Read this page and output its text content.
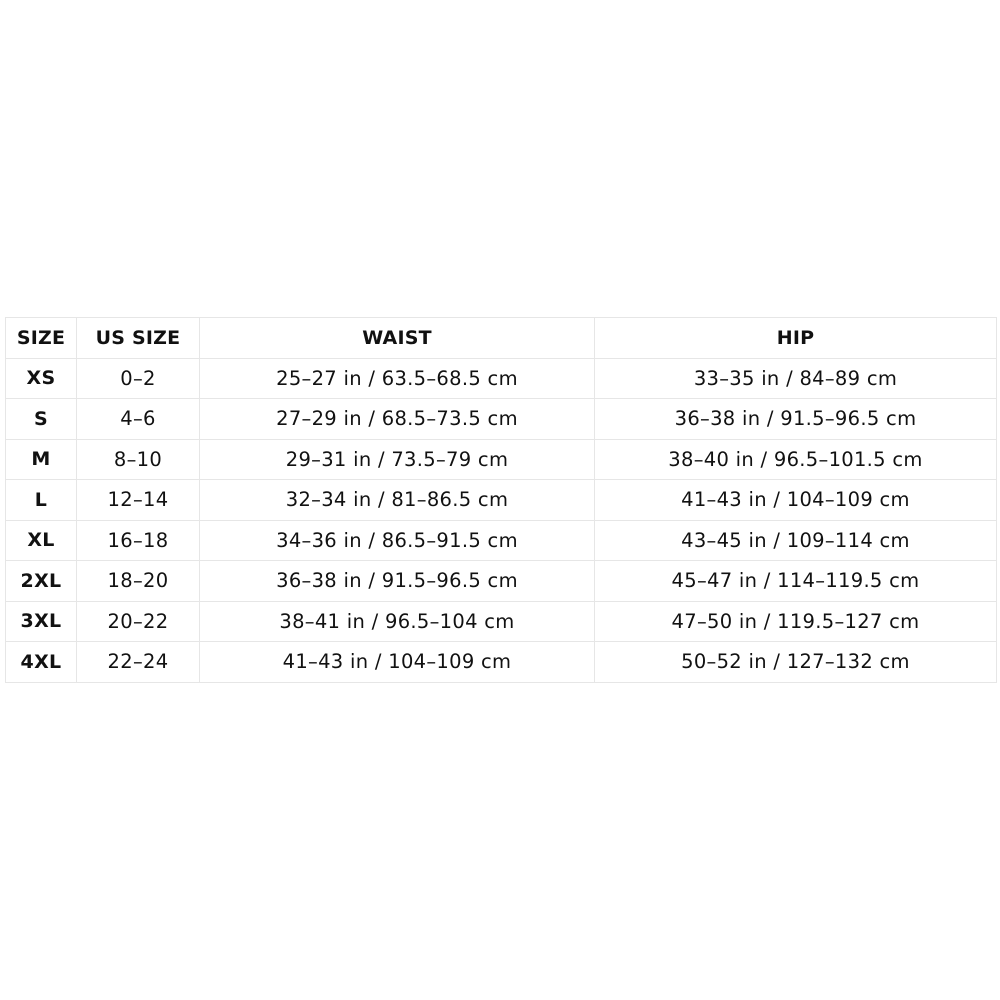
SIZE	US SIZE	WAIST	HIP
XS	0–2	25–27 in / 63.5–68.5 cm	33–35 in / 84–89 cm
S	4–6	27–29 in / 68.5–73.5 cm	36–38 in / 91.5–96.5 cm
M	8–10	29–31 in / 73.5–79 cm	38–40 in / 96.5–101.5 cm
L	12–14	32–34 in / 81–86.5 cm	41–43 in / 104–109 cm
XL	16–18	34–36 in / 86.5–91.5 cm	43–45 in / 109–114 cm
2XL	18–20	36–38 in / 91.5–96.5 cm	45–47 in / 114–119.5 cm
3XL	20–22	38–41 in / 96.5–104 cm	47–50 in / 119.5–127 cm
4XL	22–24	41–43 in / 104–109 cm	50–52 in / 127–132 cm
